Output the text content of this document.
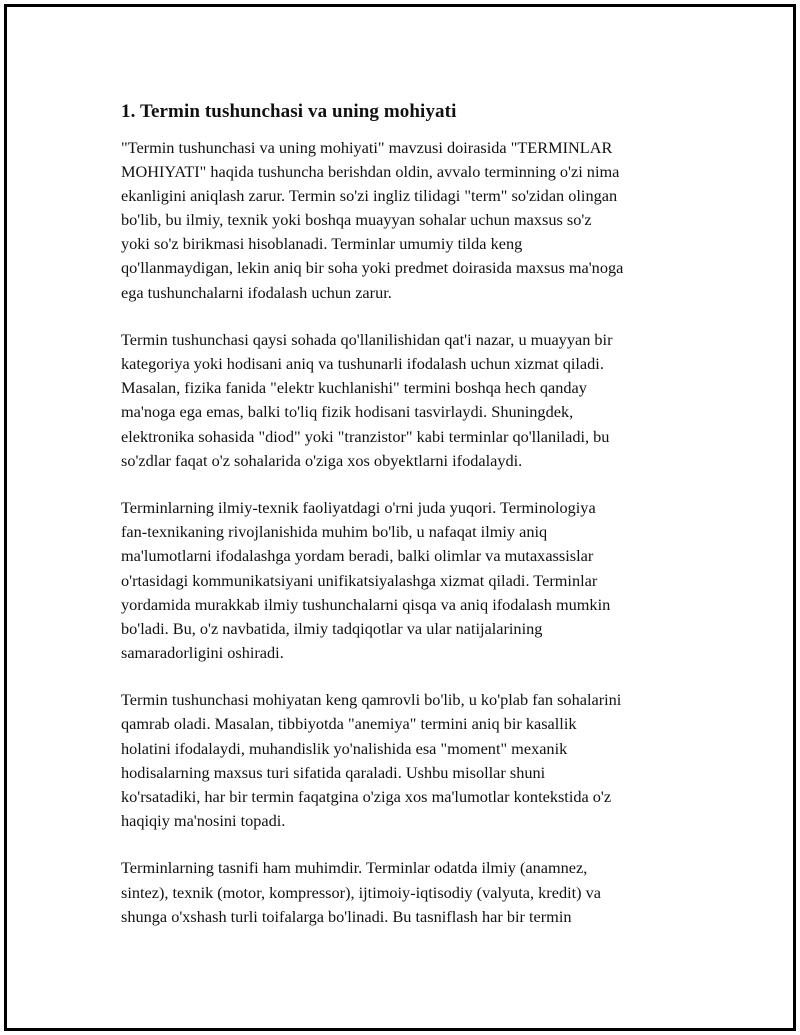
1. Termin tushunchasi va uning mohiyati

"Termin tushunchasi va uning mohiyati" mavzusi doirasida "TERMINLAR
MOHIYATI" haqida tushuncha berishdan oldin, avvalo terminning o'zi nima
ekanligini aniqlash zarur. Termin so'zi ingliz tilidagi "term" so'zidan olingan
bo'lib, bu ilmiy, texnik yoki boshqa muayyan sohalar uchun maxsus so'z
yoki so'z birikmasi hisoblanadi. Terminlar umumiy tilda keng
qo'llanmaydigan, lekin aniq bir soha yoki predmet doirasida maxsus ma'noga
ega tushunchalarni ifodalash uchun zarur.

Termin tushunchasi qaysi sohada qo'llanilishidan qat'i nazar, u muayyan bir
kategoriya yoki hodisani aniq va tushunarli ifodalash uchun xizmat qiladi.
Masalan, fizika fanida "elektr kuchlanishi" termini boshqa hech qanday
ma'noga ega emas, balki to'liq fizik hodisani tasvirlaydi. Shuningdek,
elektronika sohasida "diod" yoki "tranzistor" kabi terminlar qo'llaniladi, bu
so'zdlar faqat o'z sohalarida o'ziga xos obyektlarni ifodalaydi.

Terminlarning ilmiy-texnik faoliyatdagi o'rni juda yuqori. Terminologiya
fan-texnikaning rivojlanishida muhim bo'lib, u nafaqat ilmiy aniq
ma'lumotlarni ifodalashga yordam beradi, balki olimlar va mutaxassislar
o'rtasidagi kommunikatsiyani unifikatsiyalashga xizmat qiladi. Terminlar
yordamida murakkab ilmiy tushunchalarni qisqa va aniq ifodalash mumkin
bo'ladi. Bu, o'z navbatida, ilmiy tadqiqotlar va ular natijalarining
samaradorligini oshiradi.

Termin tushunchasi mohiyatan keng qamrovli bo'lib, u ko'plab fan sohalarini
qamrab oladi. Masalan, tibbiyotda "anemiya" termini aniq bir kasallik
holatini ifodalaydi, muhandislik yo'nalishida esa "moment" mexanik
hodisalarning maxsus turi sifatida qaraladi. Ushbu misollar shuni
ko'rsatadiki, har bir termin faqatgina o'ziga xos ma'lumotlar kontekstida o'z
haqiqiy ma'nosini topadi.

Terminlarning tasnifi ham muhimdir. Terminlar odatda ilmiy (anamnez,
sintez), texnik (motor, kompressor), ijtimoiy-iqtisodiy (valyuta, kredit) va
shunga o'xshash turli toifalarga bo'linadi. Bu tasniflash har bir termin
